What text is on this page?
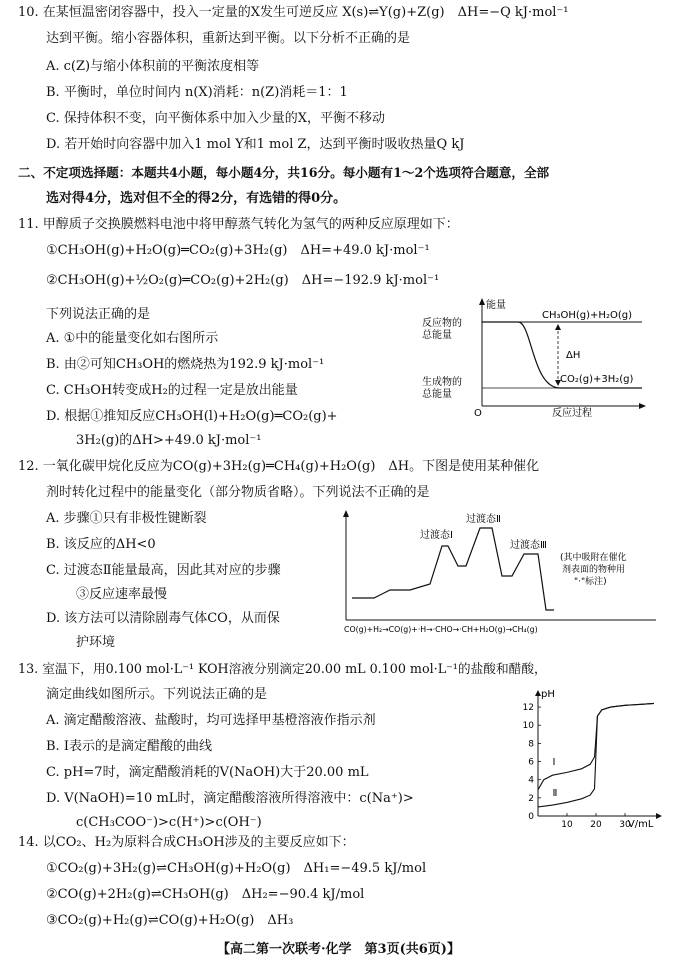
10. 在某恒温密闭容器中，投入一定量的X发生可逆反应 X(s)⇌Y(g)+Z(g)　ΔH=−Q kJ·mol⁻¹
达到平衡。缩小容器体积，重新达到平衡。以下分析不正确的是
A. c(Z)与缩小体积前的平衡浓度相等
B. 平衡时，单位时间内 n(X)消耗：n(Z)消耗＝1：1
C. 保持体积不变，向平衡体系中加入少量的X，平衡不移动
D. 若开始时向容器中加入1 mol Y和1 mol Z，达到平衡时吸收热量Q kJ
二、不定项选择题：本题共4小题，每小题4分，共16分。每小题有1～2个选项符合题意，全部
选对得4分，选对但不全的得2分，有选错的得0分。
11. 甲醇质子交换膜燃料电池中将甲醇蒸气转化为氢气的两种反应原理如下：
①CH₃OH(g)+H₂O(g)═CO₂(g)+3H₂(g)　ΔH=+49.0 kJ·mol⁻¹
②CH₃OH(g)+½O₂(g)═CO₂(g)+2H₂(g)　ΔH=−192.9 kJ·mol⁻¹
下列说法正确的是
A. ①中的能量变化如右图所示
B. 由②可知CH₃OH的燃烧热为192.9 kJ·mol⁻¹
C. CH₃OH转变成H₂的过程一定是放出能量
D. 根据①推知反应CH₃OH(l)+H₂O(g)═CO₂(g)+
3H₂(g)的ΔH>+49.0 kJ·mol⁻¹
能量
反应物的
总能量
生成物的
总能量
CH₃OH(g)+H₂O(g)
CO₂(g)+3H₂(g)
ΔH
O	反应过程
12. 一氧化碳甲烷化反应为CO(g)+3H₂(g)═CH₄(g)+H₂O(g)　ΔH。下图是使用某种催化
剂时转化过程中的能量变化（部分物质省略）。下列说法不正确的是
A. 步骤①只有非极性键断裂
B. 该反应的ΔH<0
C. 过渡态Ⅱ能量最高，因此其对应的步骤
③反应速率最慢
D. 该方法可以清除剧毒气体CO，从而保
护环境
过渡态Ⅰ
过渡态Ⅱ
过渡态Ⅲ
(其中吸附在催化
剂表面的物种用
"·"标注)
CO(g)+H₂→CO(g)+·H→·CHO→·CH+H₂O(g)→CH₄(g)
13. 室温下，用0.100 mol·L⁻¹ KOH溶液分别滴定20.00 mL 0.100 mol·L⁻¹的盐酸和醋酸，
滴定曲线如图所示。下列说法正确的是
A. 滴定醋酸溶液、盐酸时，均可选择甲基橙溶液作指示剂
B. Ⅰ表示的是滴定醋酸的曲线
C. pH=7时，滴定醋酸消耗的V(NaOH)大于20.00 mL
D. V(NaOH)=10 mL时，滴定醋酸溶液所得溶液中：c(Na⁺)>
c(CH₃COO⁻)>c(H⁺)>c(OH⁻)	0
2
4
6
8
10
12
10 20 30
pH
V/mL
Ⅰ
Ⅱ
14. 以CO₂、H₂为原料合成CH₃OH涉及的主要反应如下：
①CO₂(g)+3H₂(g)⇌CH₃OH(g)+H₂O(g)　ΔH₁=−49.5 kJ/mol
②CO(g)+2H₂(g)⇌CH₃OH(g)　ΔH₂=−90.4 kJ/mol
③CO₂(g)+H₂(g)⇌CO(g)+H₂O(g)　ΔH₃
【高二第一次联考·化学　第3页(共6页)】
